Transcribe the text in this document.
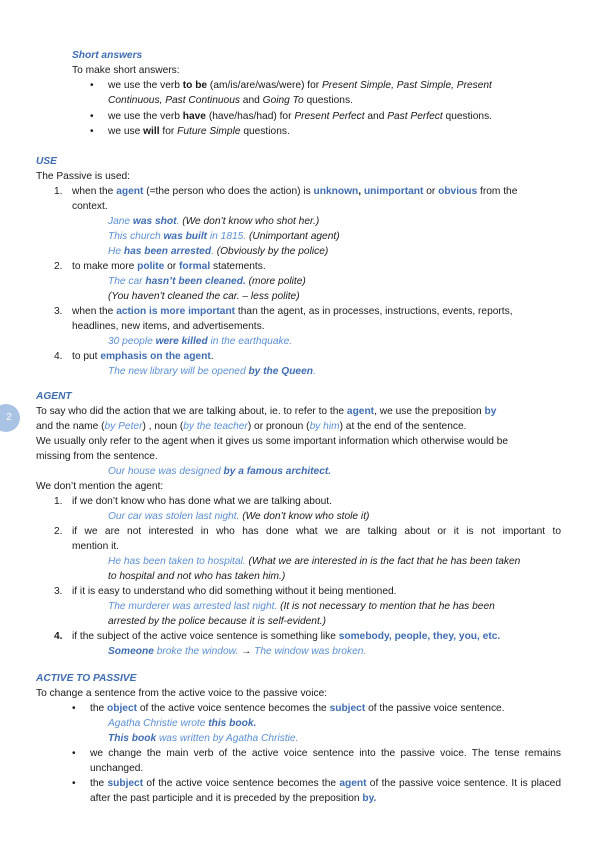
2
Short answers
To make short answers:
• we use the verb to be (am/is/are/was/were) for Present Simple, Past Simple, Present
Continuous, Past Continuous and Going To questions.
• we use the verb have (have/has/had) for Present Perfect and Past Perfect questions.
• we use will for Future Simple questions.
USE
The Passive is used:
1. when the agent (=the person who does the action) is unknown, unimportant or obvious from the
context.
Jane was shot. (We don’t know who shot her.)
This church was built in 1815. (Unimportant agent)
He has been arrested. (Obviously by the police)
2. to make more polite or formal statements.
The car hasn’t been cleaned. (more polite)
(You haven’t cleaned the car. – less polite)
3. when the action is more important than the agent, as in processes, instructions, events, reports,
headlines, new items, and advertisements.
30 people were killed in the earthquake.
4. to put emphasis on the agent.
The new library will be opened by the Queen.
AGENT
To say who did the action that we are talking about, ie. to refer to the agent, we use the preposition by
and the name (by Peter) , noun (by the teacher) or pronoun (by him) at the end of the sentence.
We usually only refer to the agent when it gives us some important information which otherwise would be
missing from the sentence.
Our house was designed by a famous architect.
We don’t mention the agent:
1. if we don’t know who has done what we are talking about.
Our car was stolen last night. (We don’t know who stole it)
2. if we are not interested in who has done what we are talking about or it is not important to
mention it.
He has been taken to hospital. (What we are interested in is the fact that he has been taken
to hospital and not who has taken him.)
3. if it is easy to understand who did something without it being mentioned.
The murderer was arrested last night. (It is not necessary to mention that he has been
arrested by the police because it is self-evident.)
4. if the subject of the active voice sentence is something like somebody, people, they, you, etc.
Someone broke the window. → The window was broken.
ACTIVE TO PASSIVE
To change a sentence from the active voice to the passive voice:
• the object of the active voice sentence becomes the subject of the passive voice sentence.
Agatha Christie wrote this book.
This book was written by Agatha Christie.
• we change the main verb of the active voice sentence into the passive voice. The tense remains
unchanged.
• the subject of the active voice sentence becomes the agent of the passive voice sentence. It is placed
after the past participle and it is preceded by the preposition by.
